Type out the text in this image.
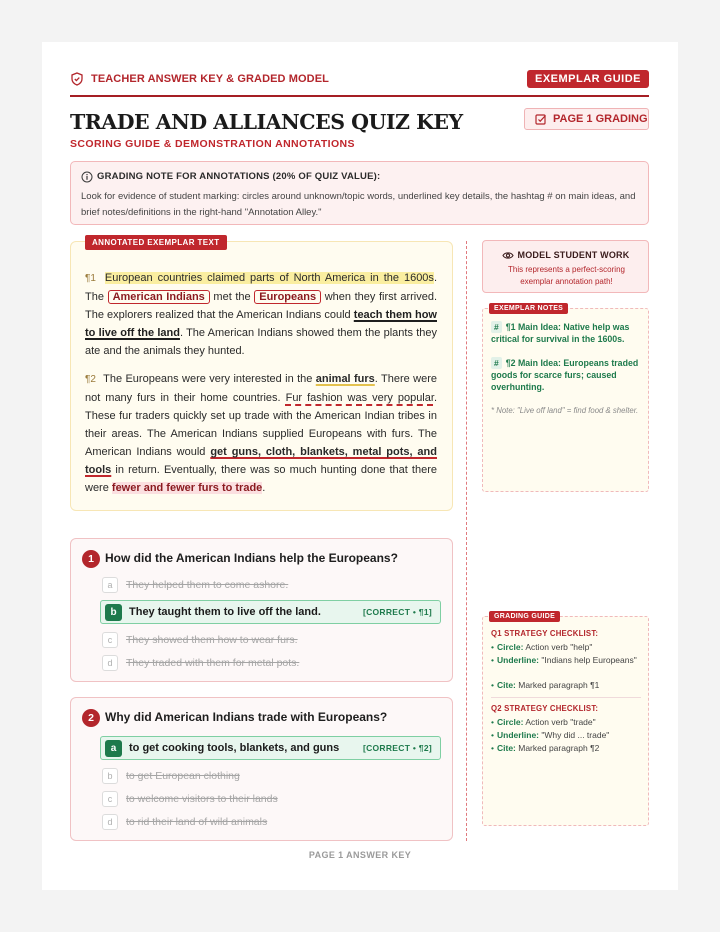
TEACHER ANSWER KEY & GRADED MODEL	EXEMPLAR GUIDE
TRADE AND ALLIANCES QUIZ KEY
SCORING GUIDE & DEMONSTRATION ANNOTATIONS
PAGE 1 GRADING
GRADING NOTE FOR ANNOTATIONS (20% OF QUIZ VALUE):
Look for evidence of student marking: circles around unknown/topic words, underlined key details, the hashtag # on main ideas, and brief notes/definitions in the right-hand "Annotation Alley."
ANNOTATED EXEMPLAR TEXT

¶1 European countries claimed parts of North America in the 1600s. The American Indians met the Europeans when they first arrived. The explorers realized that the American Indians could teach them how to live off the land. The American Indians showed them the plants they ate and the animals they hunted.

¶2 The Europeans were very interested in the animal furs. There were not many furs in their home countries. Fur fashion was very popular. These fur traders quickly set up trade with the American Indian tribes in their areas. The American Indians supplied Europeans with furs. The American Indians would get guns, cloth, blankets, metal pots, and tools in return. Eventually, there was so much hunting done that there were fewer and fewer furs to trade.

1 How did the American Indians help the Europeans?
a They helped them to come ashore.
b	They taught them to live off the land.	[CORRECT • ¶1]
c They showed them how to wear furs.
d They traded with them for metal pots.
2 Why did American Indians trade with Europeans?
a	to get cooking tools, blankets, and guns	[CORRECT • ¶2]
b to get European clothing
c to welcome visitors to their lands
d to rid their land of wild animals
PAGE 1 ANSWER KEY
MODEL STUDENT WORK
This represents a perfect-scoring exemplar annotation path!
EXEMPLAR NOTES
# ¶1 Main Idea: Native help was critical for survival in the 1600s.
# ¶2 Main Idea: Europeans traded goods for scarce furs; caused overhunting.
* Note: "Live off land" = find food & shelter.
GRADING GUIDE
Q1 STRATEGY CHECKLIST:
• Circle: Action verb "help"
• Underline: "Indians help Europeans"
• Cite: Marked paragraph ¶1
Q2 STRATEGY CHECKLIST:
• Circle: Action verb "trade"
• Underline: "Why did ... trade"
• Cite: Marked paragraph ¶2
